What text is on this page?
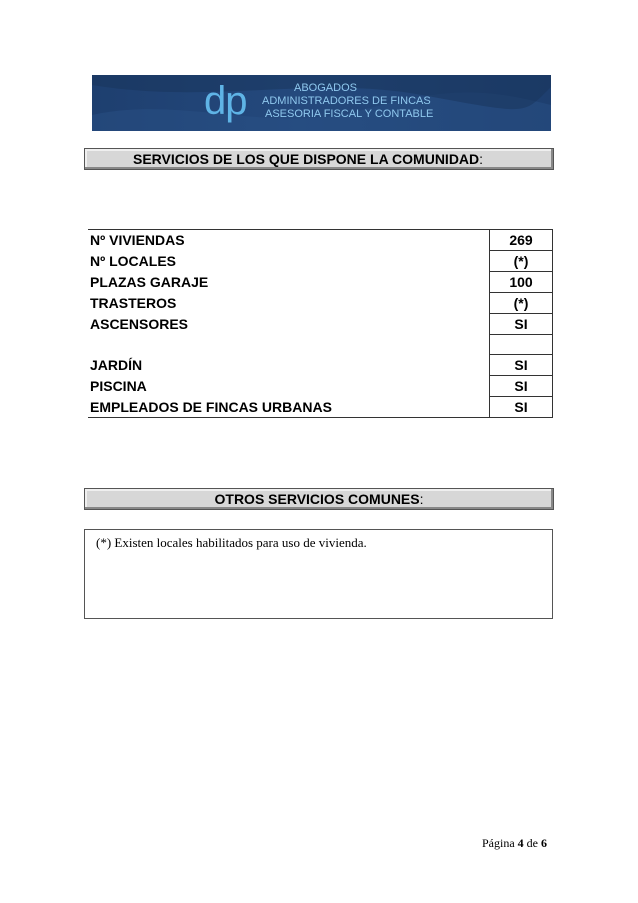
dp	ABOGADOS
ADMINISTRADORES DE FINCAS
ASESORIA FISCAL Y CONTABLE
SERVICIOS DE LOS QUE DISPONE LA COMUNIDAD:
Nº VIVIENDAS	269
Nº LOCALES	(*)
PLAZAS GARAJE	100
TRASTEROS	(*)
ASCENSORES	SI

JARDÍN	SI
PISCINA	SI
EMPLEADOS DE FINCAS URBANAS	SI
OTROS SERVICIOS COMUNES:
(*) Existen locales habilitados para uso de vivienda.
Página 4 de 6
